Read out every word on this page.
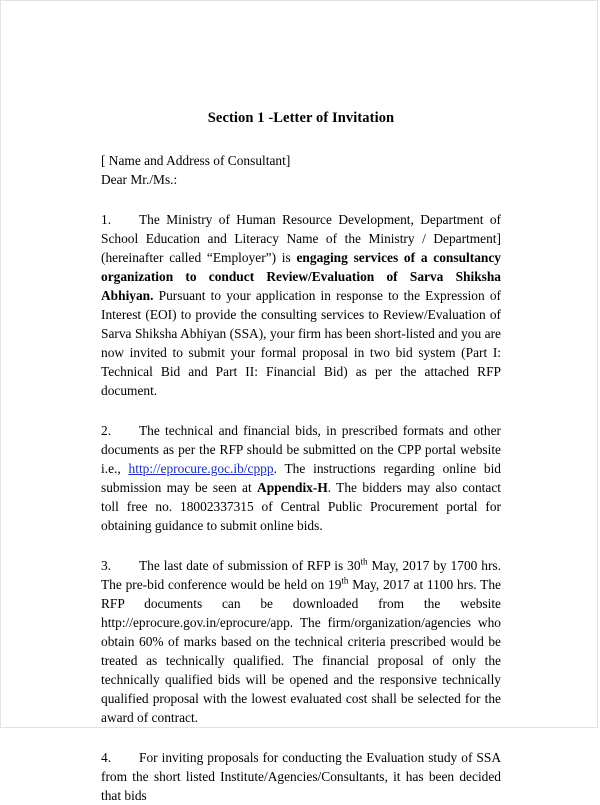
Section 1 -Letter of Invitation
[ Name and Address of Consultant]
Dear Mr./Ms.:

1. The Ministry of Human Resource Development, Department of School Education and Literacy Name of the Ministry / Department] (hereinafter called “Employer”) is engaging services of a consultancy organization to conduct Review/Evaluation of Sarva Shiksha Abhiyan. Pursuant to your application in response to the Expression of Interest (EOI) to provide the consulting services to Review/Evaluation of Sarva Shiksha Abhiyan (SSA), your firm has been short-listed and you are now invited to submit your formal proposal in two bid system (Part I: Technical Bid and Part II: Financial Bid) as per the attached RFP document.

2. The technical and financial bids, in prescribed formats and other documents as per the RFP should be submitted on the CPP portal website i.e., http://eprocure.goc.ib/cppp. The instructions regarding online bid submission may be seen at Appendix-H. The bidders may also contact toll free no. 18002337315 of Central Public Procurement portal for obtaining guidance to submit online bids.

3. The last date of submission of RFP is 30th May, 2017 by 1700 hrs. The pre-bid conference would be held on 19th May, 2017 at 1100 hrs. The RFP documents can be downloaded from the website http://eprocure.gov.in/eprocure/app. The firm/organization/agencies who obtain 60% of marks based on the technical criteria prescribed would be treated as technically qualified. The financial proposal of only the technically qualified bids will be opened and the responsive technically qualified proposal with the lowest evaluated cost shall be selected for the award of contract.

4. For inviting proposals for conducting the Evaluation study of SSA from the short listed Institute/Agencies/Consultants, it has been decided that bids
